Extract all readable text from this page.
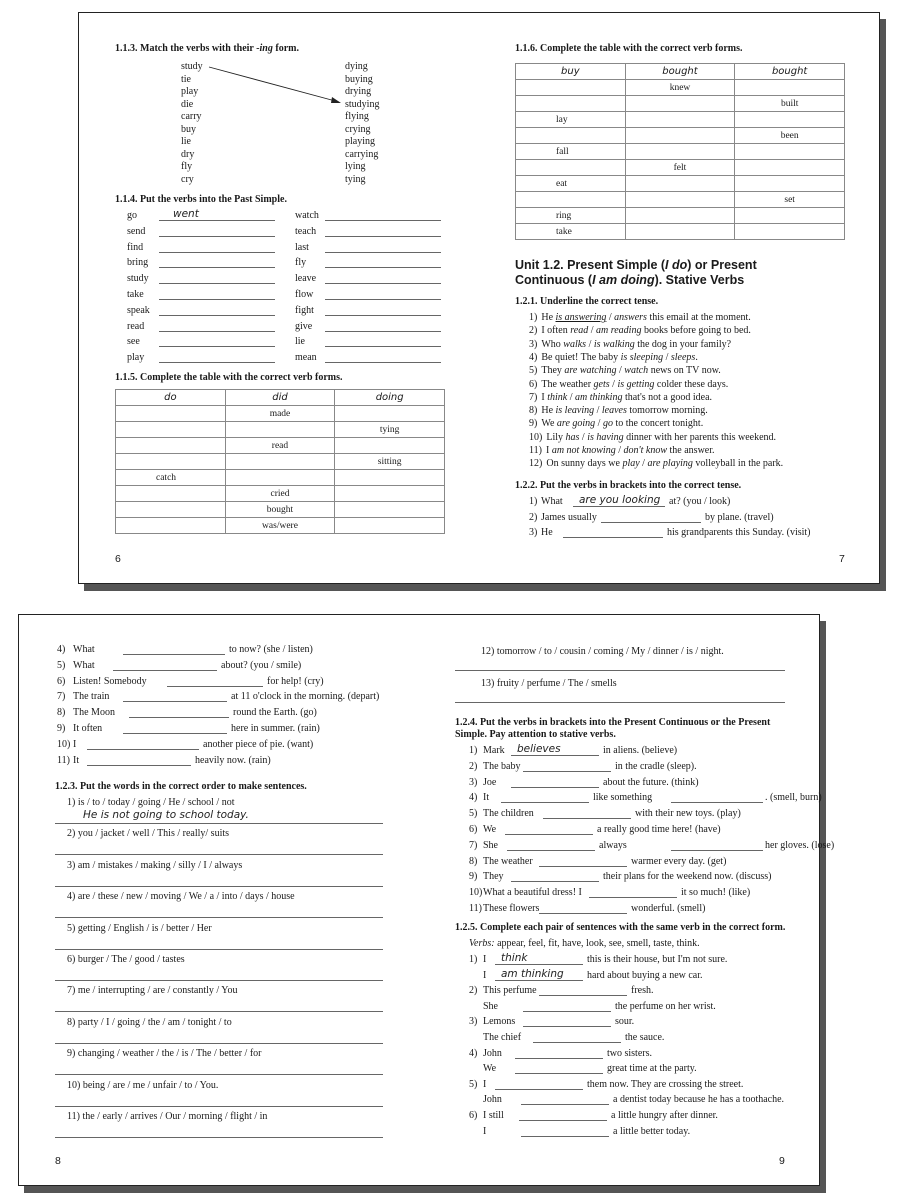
1.1.3. Match the verbs with their -ing form.
study
tie
play
die
carry
buy
lie
dry
fly
cry
dying
buying
drying
studying
flying
crying
playing
carrying
lying
tying
1.1.4. Put the verbs into the Past Simple.
go	watch
send	teach
find	last
bring	fly
study	leave
take	flow
speak	fight
read	give
see	lie
play	mean
went
1.1.5. Complete the table with the correct verb forms.
do	did	doing
	made	
		tying
	read	
		sitting
catch		
	cried	
	bought	
	was/were	
6
1.1.6. Complete the table with the correct verb forms.
buy	bought	bought
	knew	
		built
lay		
		been
fall		
	felt	
eat		
		set
ring		
take		
Unit 1.2. Present Simple (I do) or Present
Continuous (I am doing). Stative Verbs
1.2.1. Underline the correct tense.
1) He is answering / answers this email at the moment.
2) I often read / am reading books before going to bed.
3) Who walks / is walking the dog in your family?
4) Be quiet! The baby is sleeping / sleeps.
5) They are watching / watch news on TV now.
6) The weather gets / is getting colder these days.
7) I think / am thinking that's not a good idea.
8) He is leaving / leaves tomorrow morning.
9) We are going / go to the concert tonight.
10) Lily has / is having dinner with her parents this weekend.
11) I am not knowing / don't know the answer.
12) On sunny days we play / are playing volleyball in the park.
1.2.2. Put the verbs in brackets into the correct tense.
1) What are you looking at? (you / look)
2) James usually	by plane. (travel)
3) He	his grandparents this Sunday. (visit)
7
4) What	to now? (she / listen)
5) What	about? (you / smile)
6) Listen! Somebody	for help! (cry)
7) The train	at 11 o'clock in the morning. (depart)
8) The Moon	round the Earth. (go)
9) It often	here in summer. (rain)
10) I	another piece of pie. (want)
11) It	heavily now. (rain)
1.2.3. Put the words in the correct order to make sentences.
1) is / to / today / going / He / school / not
2) you / jacket / well / This / really/ suits
3) am / mistakes / making / silly / I / always
4) are / these / new / moving / We / a / into / days / house
5) getting / English / is / better / Her
6) burger / The / good / tastes
7) me / interrupting / are / constantly / You
8) party / I / going / the / am / tonight / to
9) changing / weather / the / is / The / better / for
10) being / are / me / unfair / to / You.
11) the / early / arrives / Our / morning / flight / in
He is not going to school today.
8
12) tomorrow / to / cousin / coming / My / dinner / is / night.
13) fruity / perfume / The / smells
1.2.4. Put the verbs in brackets into the Present Continuous or the Present
Simple. Pay attention to stative verbs.
1) Mark believes	in aliens. (believe)
2) The baby	in the cradle (sleep).
3) Joe	about the future. (think)
4) It	like something	. (smell, burn)
5) The children	with their new toys. (play)
6) We	a really good time here! (have)
7) She	always	her gloves. (lose)
8) The weather	warmer every day. (get)
9) They	their plans for the weekend now. (discuss)
10) What a beautiful dress! I	it so much! (like)
11) These flowers	wonderful. (smell)
1.2.5. Complete each pair of sentences with the same verb in the correct form.
Verbs: appear, feel, fit, have, look, see, smell, taste, think.
1) I think	this is their house, but I'm not sure.
I am thinking hard about buying a new car.
2) This perfume	fresh.
She	the perfume on her wrist.
3) Lemons	sour.
The chief	the sauce.
4) John	two sisters.
We	great time at the party.
5) I	them now. They are crossing the street.
John	a dentist today because he has a toothache.
6) I still	a little hungry after dinner.
I	a little better today.
9
